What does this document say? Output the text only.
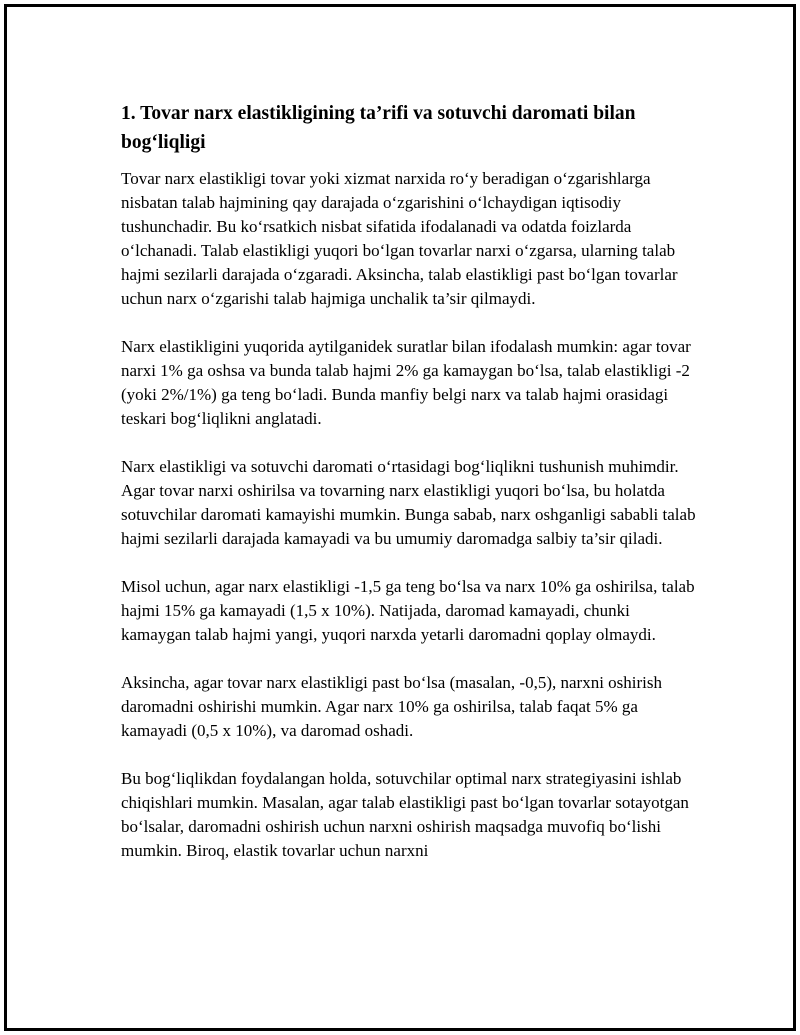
1. Tovar narx elastikligining ta’rifi va sotuvchi daromati bilan bog‘liqligi

Tovar narx elastikligi tovar yoki xizmat narxida ro‘y beradigan o‘zgarishlarga nisbatan talab hajmining qay darajada o‘zgarishini o‘lchaydigan iqtisodiy tushunchadir. Bu ko‘rsatkich nisbat sifatida ifodalanadi va odatda foizlarda o‘lchanadi. Talab elastikligi yuqori bo‘lgan tovarlar narxi o‘zgarsa, ularning talab hajmi sezilarli darajada o‘zgaradi. Aksincha, talab elastikligi past bo‘lgan tovarlar uchun narx o‘zgarishi talab hajmiga unchalik ta’sir qilmaydi.

Narx elastikligini yuqorida aytilganidek suratlar bilan ifodalash mumkin: agar tovar narxi 1% ga oshsa va bunda talab hajmi 2% ga kamaygan bo‘lsa, talab elastikligi -2 (yoki 2%/1%) ga teng bo‘ladi. Bunda manfiy belgi narx va talab hajmi orasidagi teskari bog‘liqlikni anglatadi.

Narx elastikligi va sotuvchi daromati o‘rtasidagi bog‘liqlikni tushunish muhimdir. Agar tovar narxi oshirilsa va tovarning narx elastikligi yuqori bo‘lsa, bu holatda sotuvchilar daromati kamayishi mumkin. Bunga sabab, narx oshganligi sababli talab hajmi sezilarli darajada kamayadi va bu umumiy daromadga salbiy ta’sir qiladi.

Misol uchun, agar narx elastikligi -1,5 ga teng bo‘lsa va narx 10% ga oshirilsa, talab hajmi 15% ga kamayadi (1,5 x 10%). Natijada, daromad kamayadi, chunki kamaygan talab hajmi yangi, yuqori narxda yetarli daromadni qoplay olmaydi.

Aksincha, agar tovar narx elastikligi past bo‘lsa (masalan, -0,5), narxni oshirish daromadni oshirishi mumkin. Agar narx 10% ga oshirilsa, talab faqat 5% ga kamayadi (0,5 x 10%), va daromad oshadi.

Bu bog‘liqlikdan foydalangan holda, sotuvchilar optimal narx strategiyasini ishlab chiqishlari mumkin. Masalan, agar talab elastikligi past bo‘lgan tovarlar sotayotgan bo‘lsalar, daromadni oshirish uchun narxni oshirish maqsadga muvofiq bo‘lishi mumkin. Biroq, elastik tovarlar uchun narxni
